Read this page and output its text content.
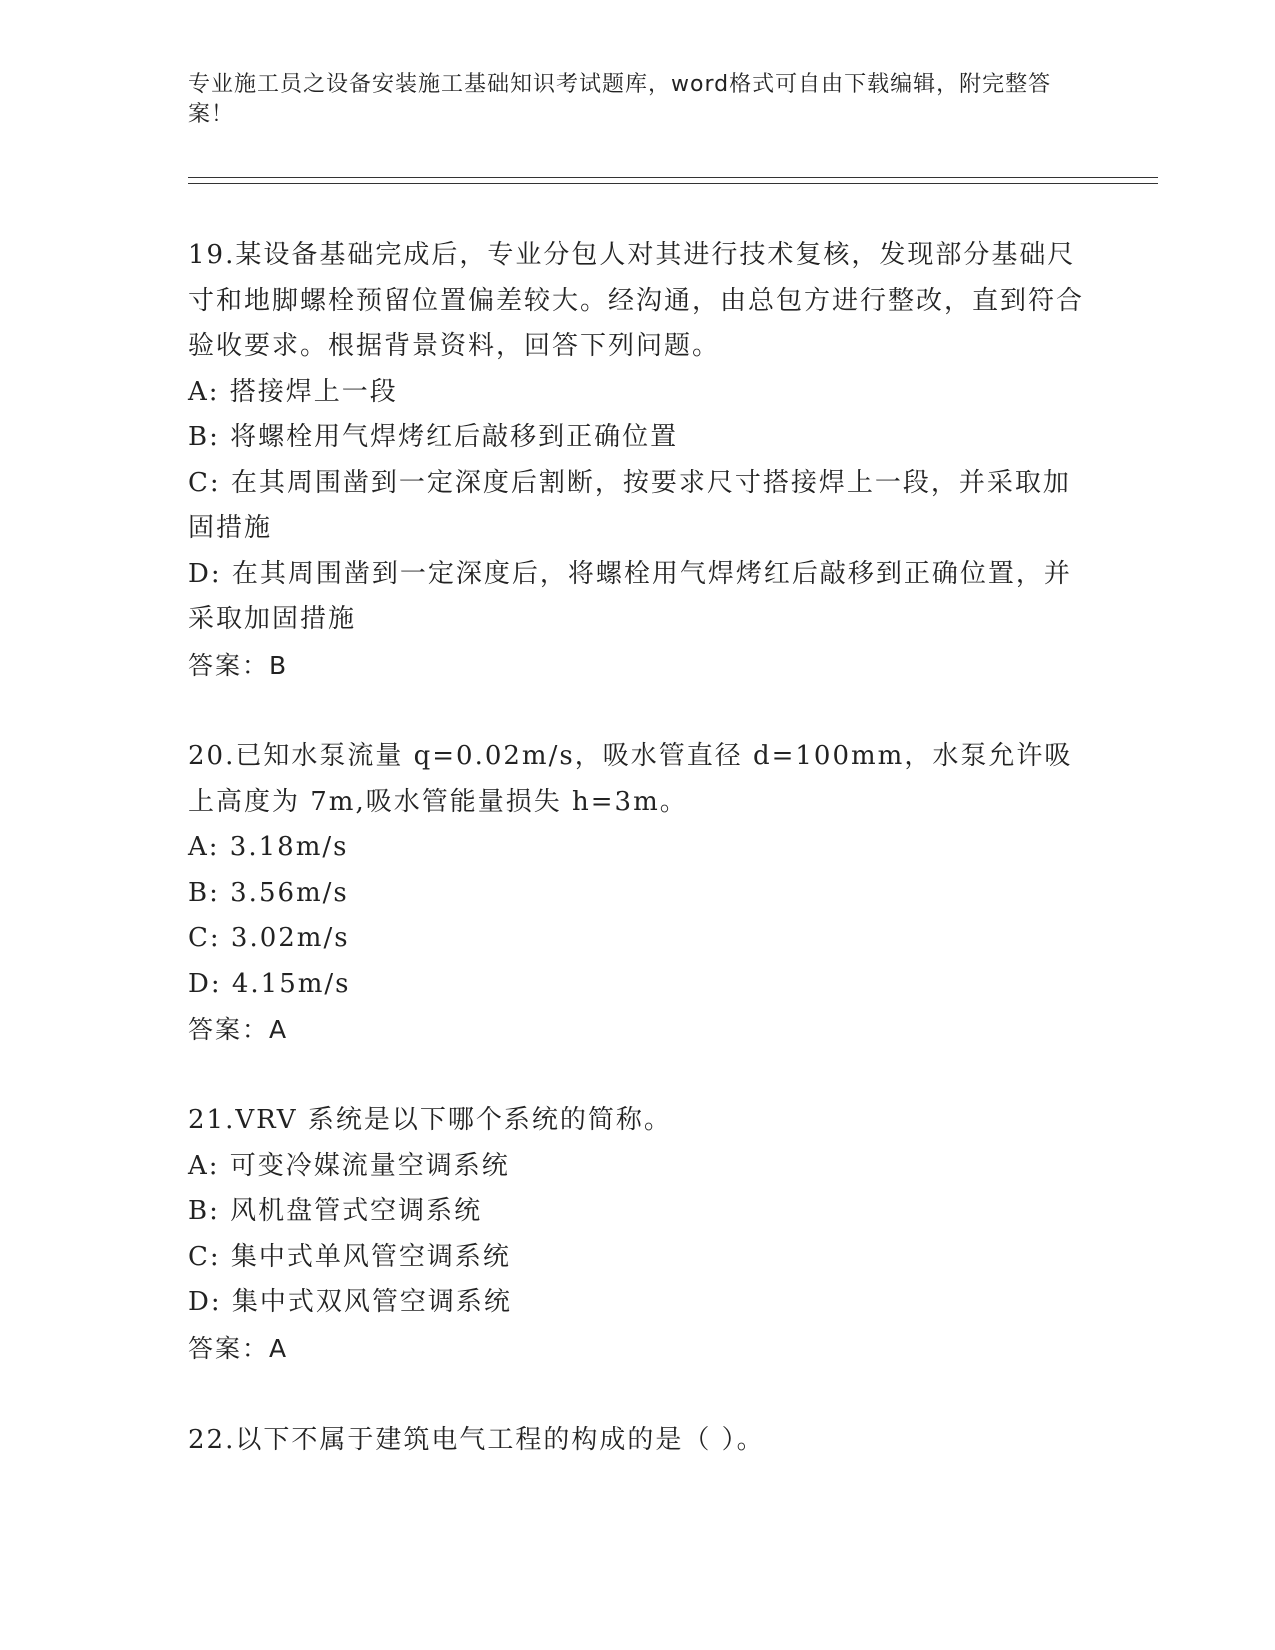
专业施工员之设备安装施工基础知识考试题库，word格式可自由下载编辑，附完整答案！
19.某设备基础完成后，专业分包人对其进行技术复核，发现部分基础尺寸和地脚螺栓预留位置偏差较大。经沟通，由总包方进行整改，直到符合验收要求。根据背景资料，回答下列问题。
A: 搭接焊上一段
B: 将螺栓用气焊烤红后敲移到正确位置
C: 在其周围凿到一定深度后割断，按要求尺寸搭接焊上一段，并采取加固措施
D: 在其周围凿到一定深度后，将螺栓用气焊烤红后敲移到正确位置，并采取加固措施
答案：B
20.已知水泵流量 q=0.02m/s，吸水管直径 d=100mm，水泵允许吸上高度为 7m,吸水管能量损失 h=3m。
A: 3.18m/s
B: 3.56m/s
C: 3.02m/s
D: 4.15m/s
答案：A
21.VRV 系统是以下哪个系统的简称。
A: 可变冷媒流量空调系统
B: 风机盘管式空调系统
C: 集中式单风管空调系统
D: 集中式双风管空调系统
答案：A
22.以下不属于建筑电气工程的构成的是（ ）。
